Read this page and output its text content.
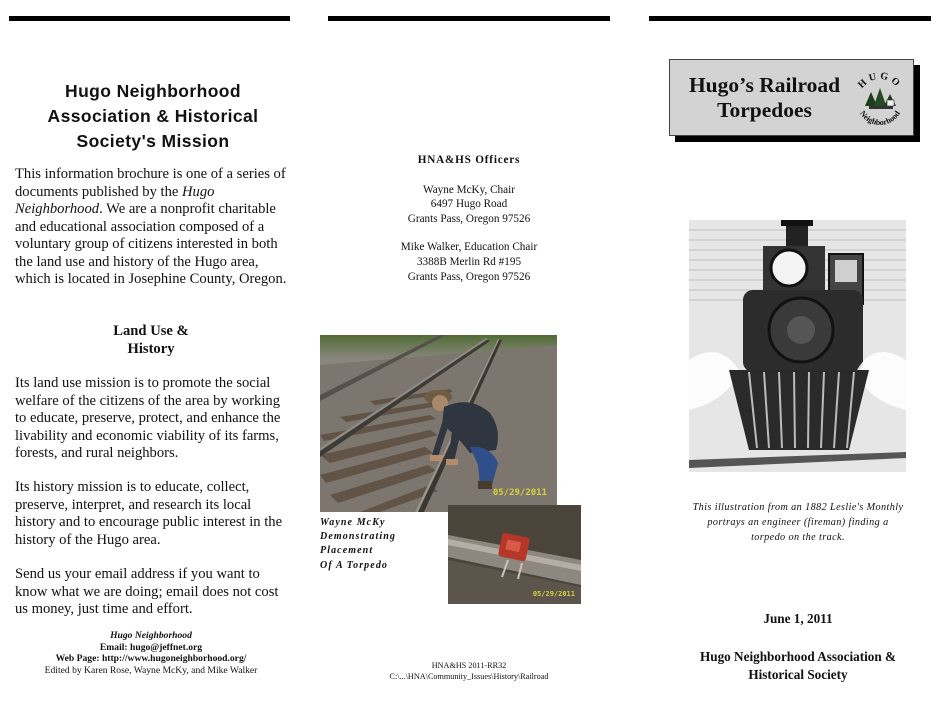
Hugo Neighborhood
Association & Historical
Society's Mission
This information brochure is one of a series of documents published by the Hugo Neighborhood. We are a nonprofit charitable and educational association composed of a voluntary group of citizens interested in both the land use and history of the Hugo area, which is located in Josephine County, Oregon.
Land Use &
History
Its land use mission is to promote the social welfare of the citizens of the area by working to educate, preserve, protect, and enhance the livability and economic viability of its farms, forests, and rural neighbors.
Its history mission is to educate, collect, preserve, interpret, and research its local history and to encourage public interest in the history of the Hugo area.
Send us your email address if you want to know what we are doing; email does not cost us money, just time and effort.
Hugo Neighborhood
Email: hugo@jeffnet.org
Web Page: http://www.hugoneighborhood.org/
Edited by Karen Rose, Wayne McKy, and Mike Walker
HNA&HS Officers
Wayne McKy, Chair
6497 Hugo Road
Grants Pass, Oregon 97526
Mike Walker, Education Chair
3388B Merlin Rd #195
Grants Pass, Oregon 97526
05/29/2011
Wayne McKy
Demonstrating
Placement
Of A Torpedo
05/29/2011
HNA&HS 2011-RR32
C:\...\HNA\Community_Issues\History\Railroad
Hugo’s Railroad
Torpedoes
HUGO
Neighborhood
This illustration from an 1882 Leslie's Monthly
portrays an engineer (fireman) finding a
torpedo on the track.
June 1, 2011
Hugo Neighborhood Association &
Historical Society
